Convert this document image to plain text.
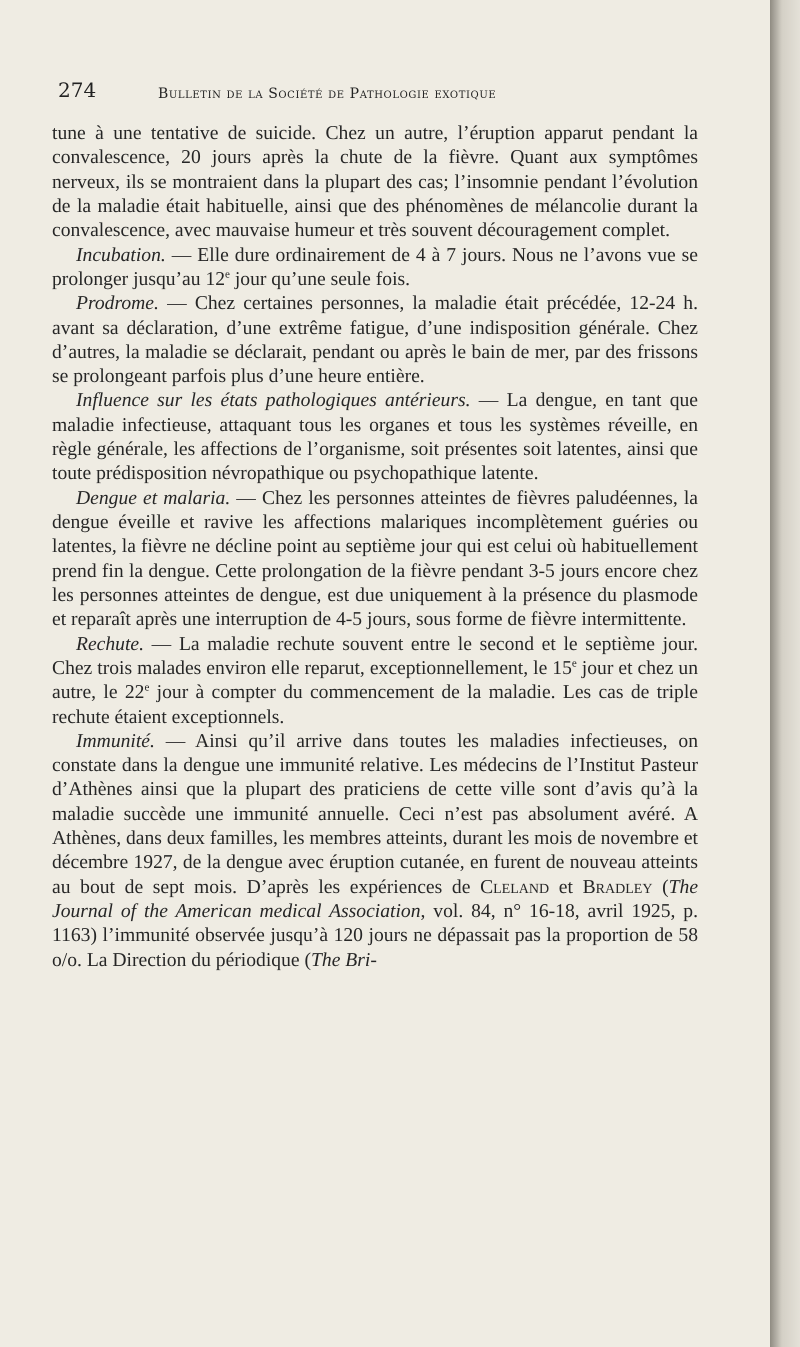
274	Bulletin de la Société de Pathologie exotique

tune à une tentative de suicide. Chez un autre, l’éruption apparut pendant la convalescence, 20 jours après la chute de la fièvre. Quant aux symptômes nerveux, ils se montraient dans la plupart des cas; l’insomnie pendant l’évolution de la maladie était habituelle, ainsi que des phénomènes de mélancolie durant la convalescence, avec mauvaise humeur et très souvent découragement complet.

Incubation. — Elle dure ordinairement de 4 à 7 jours. Nous ne l’avons vue se prolonger jusqu’au 12e jour qu’une seule fois.

Prodrome. — Chez certaines personnes, la maladie était précédée, 12-24 h. avant sa déclaration, d’une extrême fatigue, d’une indisposition générale. Chez d’autres, la maladie se déclarait, pendant ou après le bain de mer, par des frissons se prolongeant parfois plus d’une heure entière.

Influence sur les états pathologiques antérieurs. — La dengue, en tant que maladie infectieuse, attaquant tous les organes et tous les systèmes réveille, en règle générale, les affections de l’organisme, soit présentes soit latentes, ainsi que toute prédisposition névropathique ou psychopathique latente.

Dengue et malaria. — Chez les personnes atteintes de fièvres paludéennes, la dengue éveille et ravive les affections malariques incomplètement guéries ou latentes, la fièvre ne décline point au septième jour qui est celui où habituellement prend fin la dengue. Cette prolongation de la fièvre pendant 3-5 jours encore chez les personnes atteintes de dengue, est due uniquement à la présence du plasmode et reparaît après une interruption de 4-5 jours, sous forme de fièvre intermittente.

Rechute. — La maladie rechute souvent entre le second et le septième jour. Chez trois malades environ elle reparut, exceptionnellement, le 15e jour et chez un autre, le 22e jour à compter du commencement de la maladie. Les cas de triple rechute étaient exceptionnels.

Immunité. — Ainsi qu’il arrive dans toutes les maladies infectieuses, on constate dans la dengue une immunité relative. Les médecins de l’Institut Pasteur d’Athènes ainsi que la plupart des praticiens de cette ville sont d’avis qu’à la maladie succède une immunité annuelle. Ceci n’est pas absolument avéré. A Athènes, dans deux familles, les membres atteints, durant les mois de novembre et décembre 1927, de la dengue avec éruption cutanée, en furent de nouveau atteints au bout de sept mois. D’après les expériences de Cleland et Bradley (The Journal of the American medical Association, vol. 84, n° 16-18, avril 1925, p. 1163) l’immunité observée jusqu’à 120 jours ne dépassait pas la proportion de 58 o/o. La Direction du périodique (The Bri-
